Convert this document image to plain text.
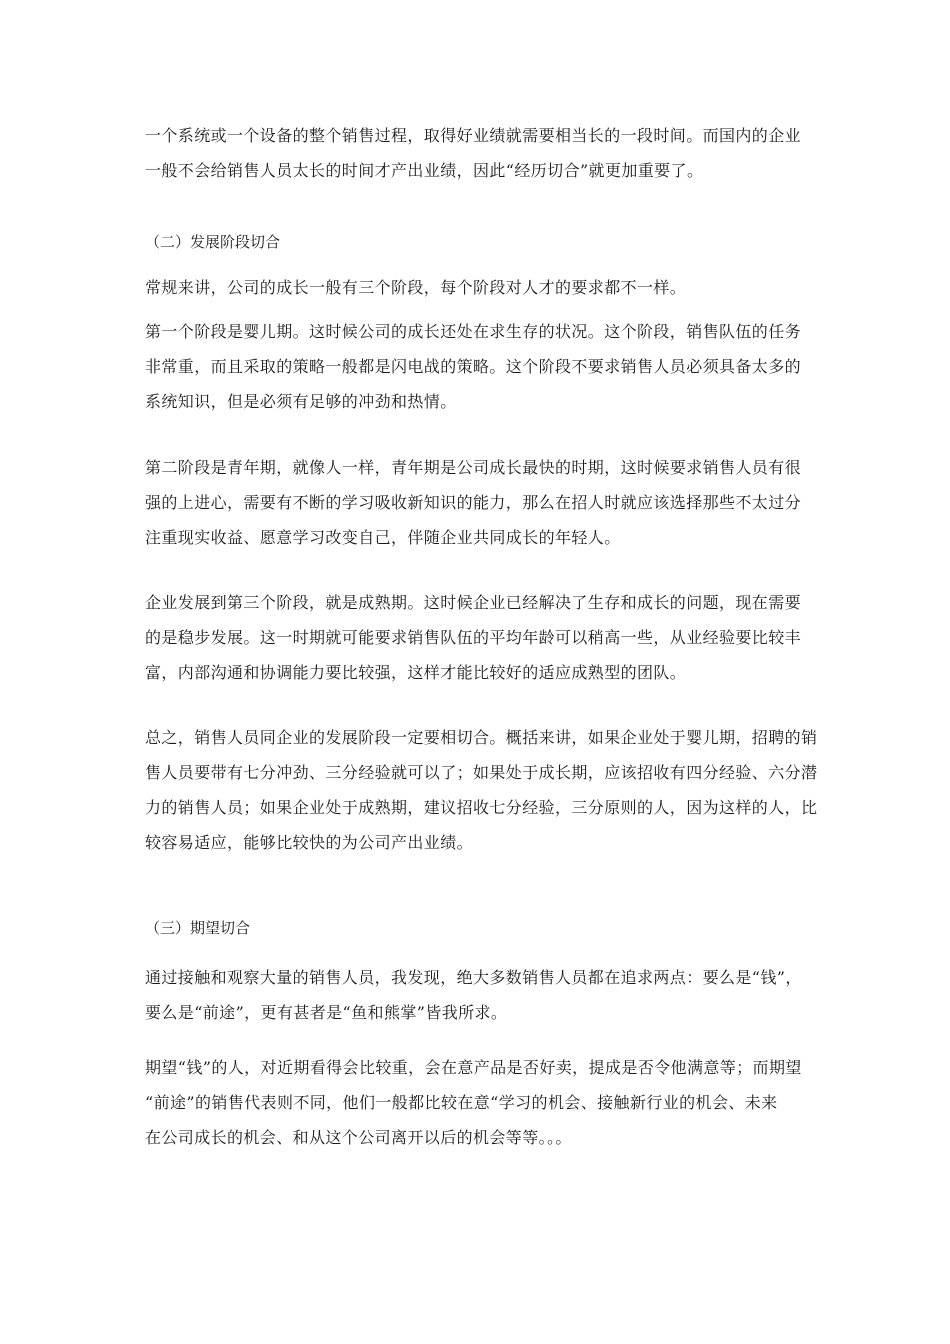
一个系统或一个设备的整个销售过程，取得好业绩就需要相当长的一段时间。而国内的企业
一般不会给销售人员太长的时间才产出业绩，因此“经历切合”就更加重要了。
（二）发展阶段切合
常规来讲，公司的成长一般有三个阶段，每个阶段对人才的要求都不一样。
第一个阶段是婴儿期。这时候公司的成长还处在求生存的状况。这个阶段，销售队伍的任务
非常重，而且采取的策略一般都是闪电战的策略。这个阶段不要求销售人员必须具备太多的
系统知识，但是必须有足够的冲劲和热情。
第二阶段是青年期，就像人一样，青年期是公司成长最快的时期，这时候要求销售人员有很
强的上进心，需要有不断的学习吸收新知识的能力，那么在招人时就应该选择那些不太过分
注重现实收益、愿意学习改变自己，伴随企业共同成长的年轻人。
企业发展到第三个阶段，就是成熟期。这时候企业已经解决了生存和成长的问题，现在需要
的是稳步发展。这一时期就可能要求销售队伍的平均年龄可以稍高一些，从业经验要比较丰
富，内部沟通和协调能力要比较强，这样才能比较好的适应成熟型的团队。
总之，销售人员同企业的发展阶段一定要相切合。概括来讲，如果企业处于婴儿期，招聘的销
售人员要带有七分冲劲、三分经验就可以了；如果处于成长期，应该招收有四分经验、六分潜
力的销售人员；如果企业处于成熟期，建议招收七分经验，三分原则的人，因为这样的人，比
较容易适应，能够比较快的为公司产出业绩。
（三）期望切合
通过接触和观察大量的销售人员，我发现，绝大多数销售人员都在追求两点：要么是“钱”，
要么是“前途”，更有甚者是“鱼和熊掌”皆我所求。
期望“钱”的人，对近期看得会比较重，会在意产品是否好卖，提成是否令他满意等；而期望
“前途”的销售代表则不同，他们一般都比较在意“学习的机会、接触新行业的机会、未来
在公司成长的机会、和从这个公司离开以后的机会等等。。。
